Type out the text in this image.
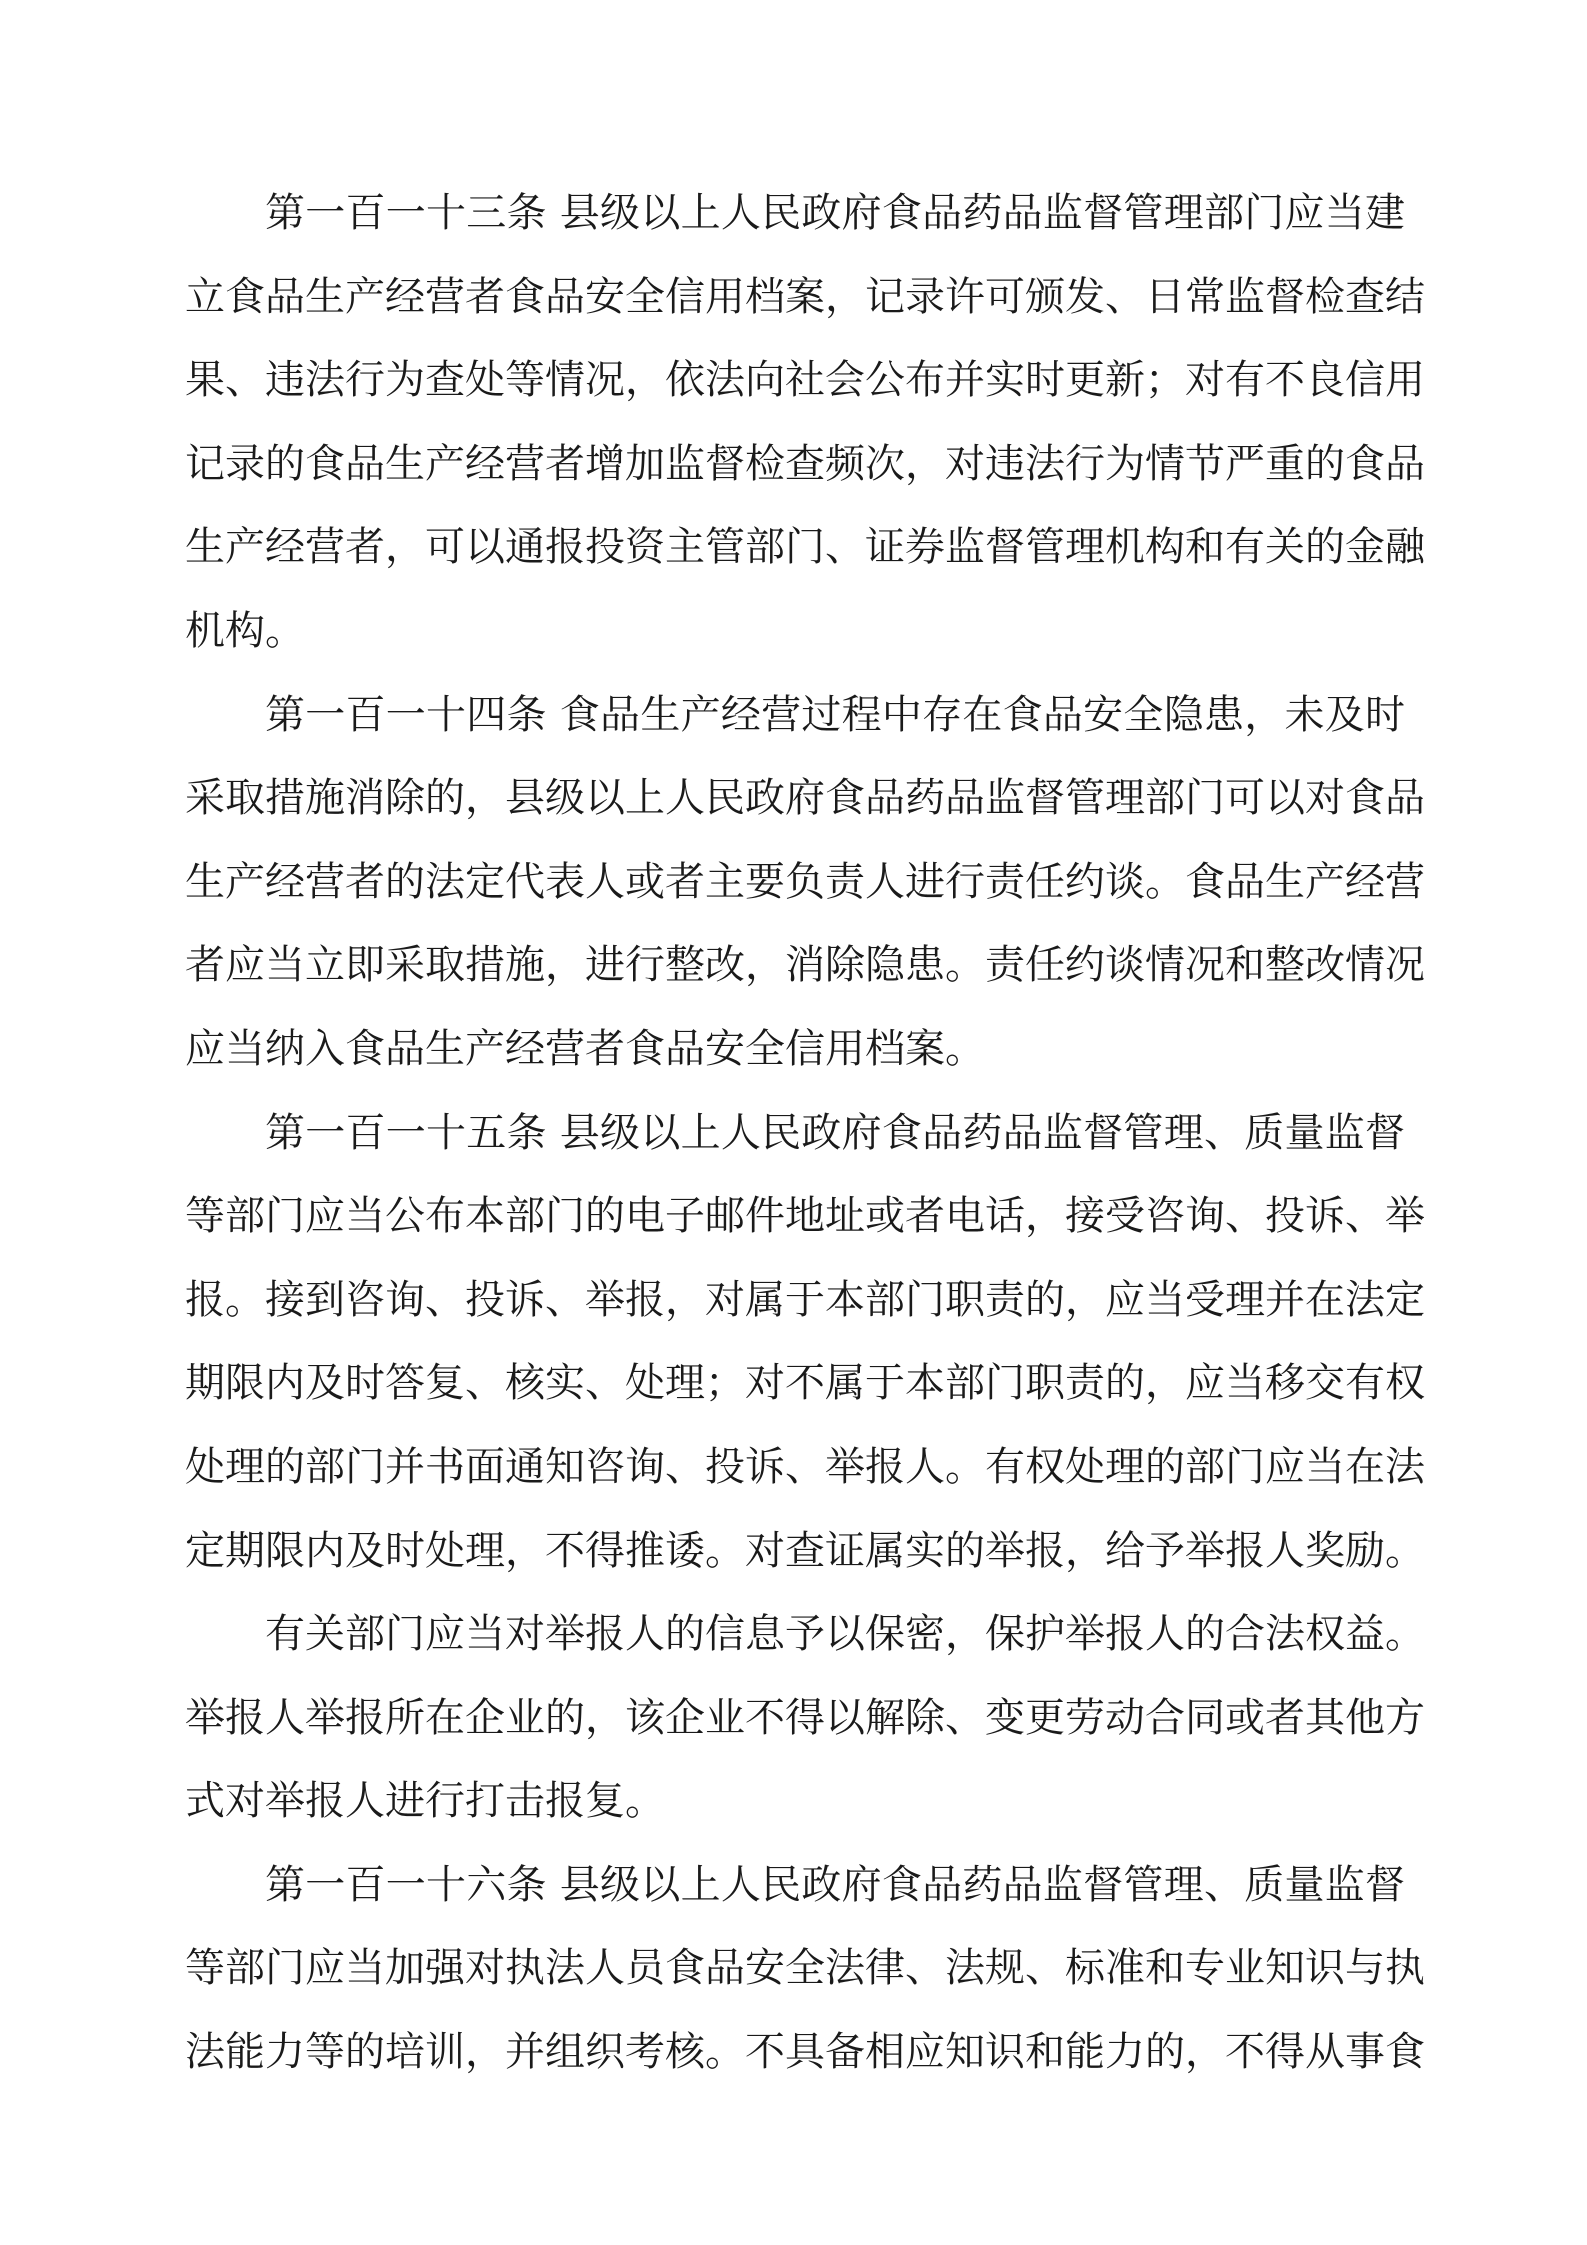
第一百一十三条 县级以上人民政府食品药品监督管理部门应当建
立食品生产经营者食品安全信用档案，记录许可颁发、日常监督检查结
果、违法行为查处等情况，依法向社会公布并实时更新；对有不良信用
记录的食品生产经营者增加监督检查频次，对违法行为情节严重的食品
生产经营者，可以通报投资主管部门、证券监督管理机构和有关的金融
机构。
第一百一十四条 食品生产经营过程中存在食品安全隐患，未及时
采取措施消除的，县级以上人民政府食品药品监督管理部门可以对食品
生产经营者的法定代表人或者主要负责人进行责任约谈。食品生产经营
者应当立即采取措施，进行整改，消除隐患。责任约谈情况和整改情况
应当纳入食品生产经营者食品安全信用档案。
第一百一十五条 县级以上人民政府食品药品监督管理、质量监督
等部门应当公布本部门的电子邮件地址或者电话，接受咨询、投诉、举
报。接到咨询、投诉、举报，对属于本部门职责的，应当受理并在法定
期限内及时答复、核实、处理；对不属于本部门职责的，应当移交有权
处理的部门并书面通知咨询、投诉、举报人。有权处理的部门应当在法
定期限内及时处理，不得推诿。对查证属实的举报，给予举报人奖励。
有关部门应当对举报人的信息予以保密，保护举报人的合法权益。
举报人举报所在企业的，该企业不得以解除、变更劳动合同或者其他方
式对举报人进行打击报复。
第一百一十六条 县级以上人民政府食品药品监督管理、质量监督
等部门应当加强对执法人员食品安全法律、法规、标准和专业知识与执
法能力等的培训，并组织考核。不具备相应知识和能力的，不得从事食
